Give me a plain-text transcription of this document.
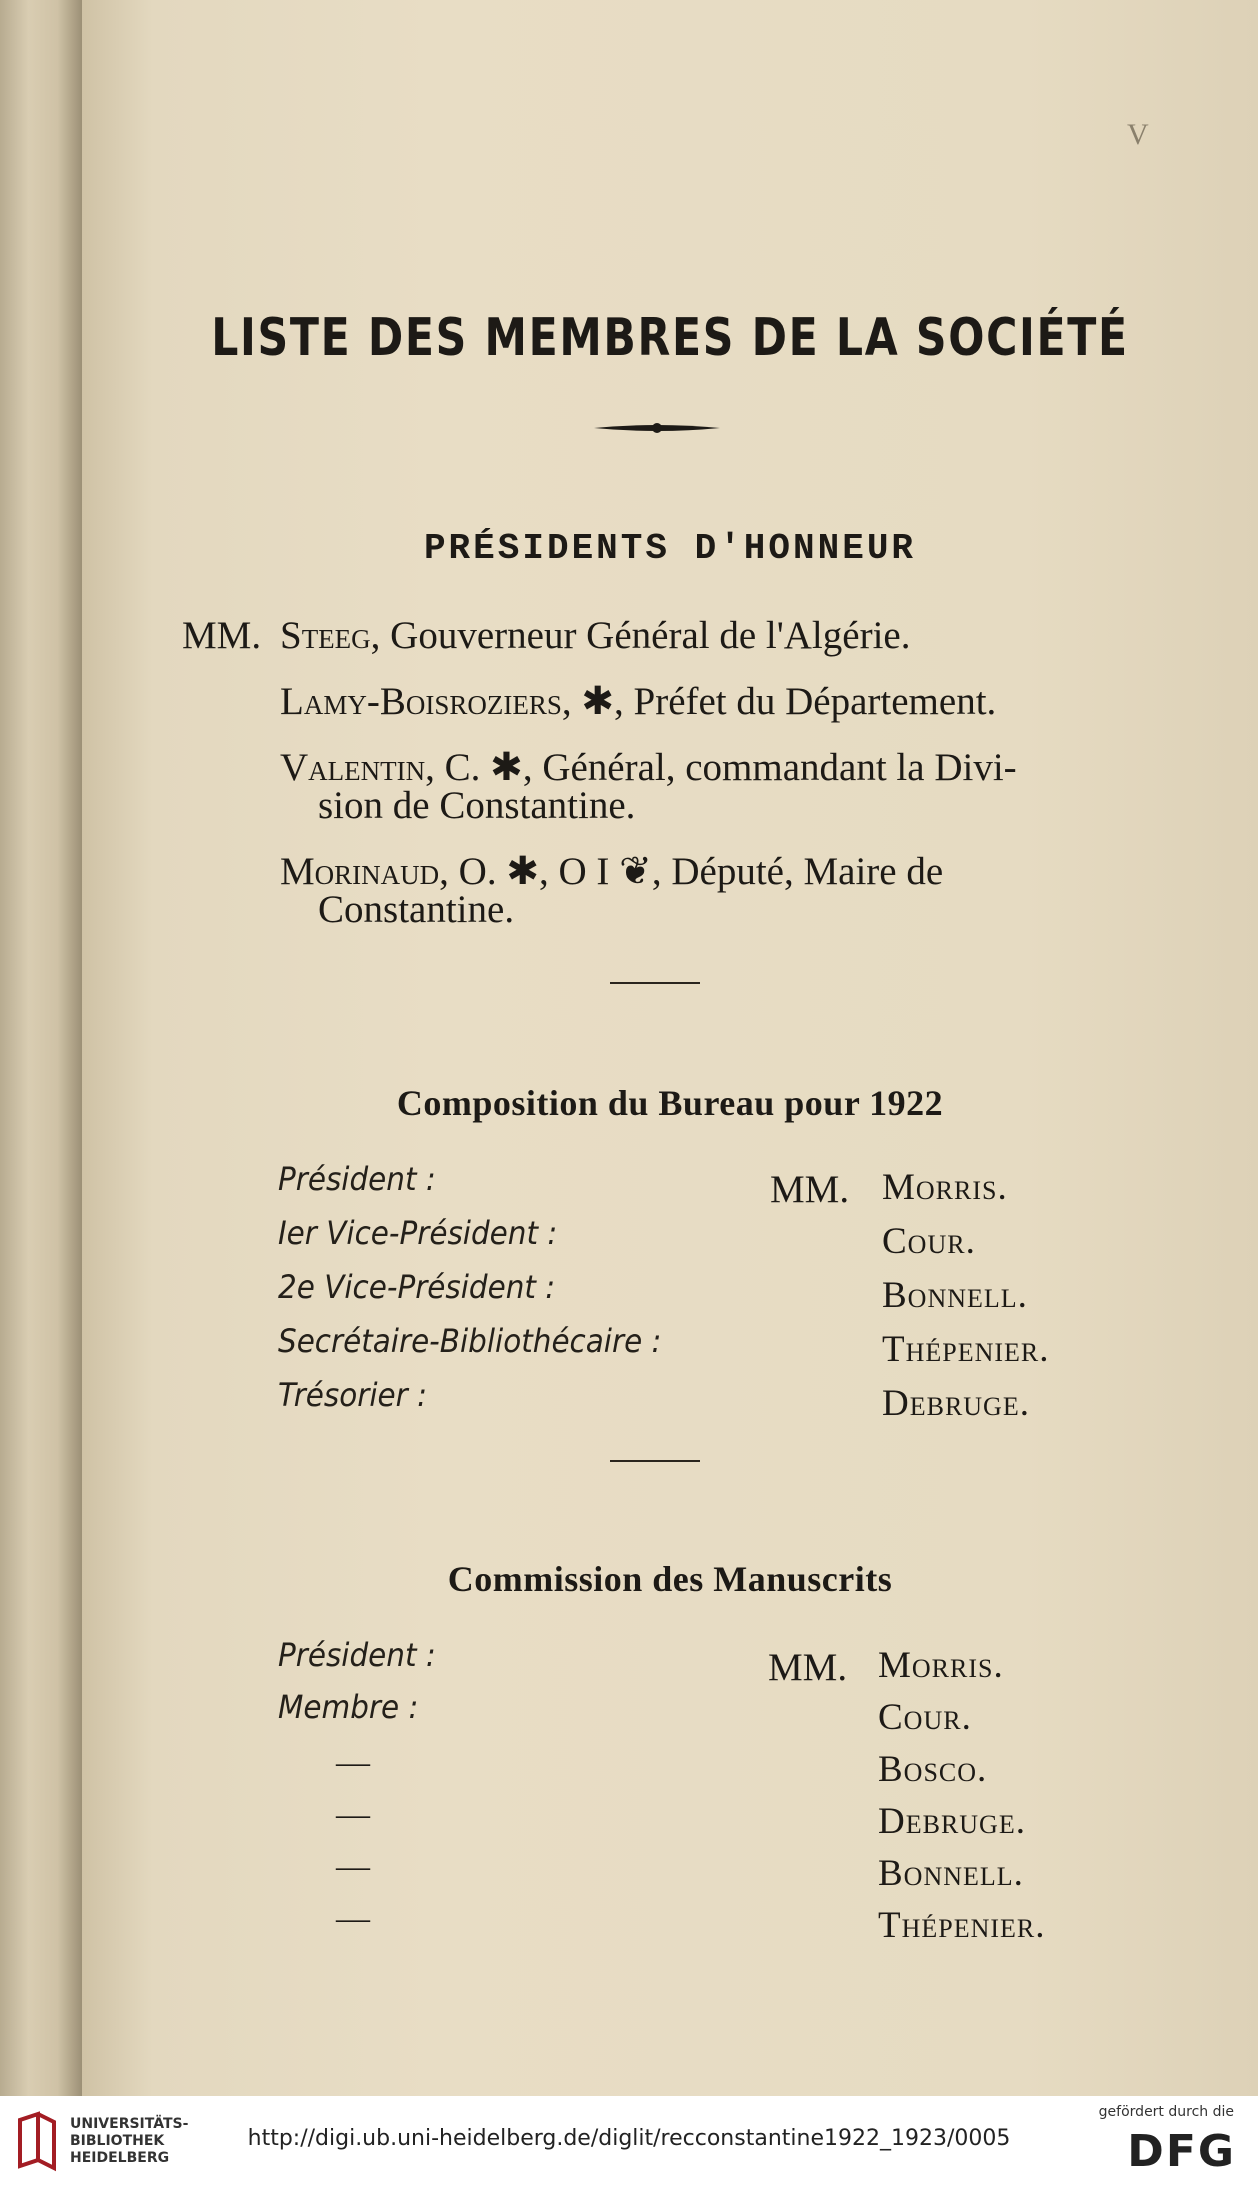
V
LISTE DES MEMBRES DE LA SOCIÉTÉ
PRÉSIDENTS D'HONNEUR
MM. Steeg, Gouverneur Général de l'Algérie.
Lamy-Boisroziers, ✱, Préfet du Département.
Valentin, C. ✱, Général, commandant la Divi-
sion de Constantine.
Morinaud, O. ✱, O I ❦, Député, Maire de
Constantine.
Composition du Bureau pour 1922
Président :
Ier Vice-Président :
2e Vice-Président :
Secrétaire-Bibliothécaire :
Trésorier :
MM. Morris.
Cour.
Bonnell.
Thépenier.
Debruge.
Commission des Manuscrits
Président :
Membre :
—
—
—
—
MM. Morris.
Cour.
Bosco.
Debruge.
Bonnell.
Thépenier.
UNIVERSITÄTS-
BIBLIOTHEK
HEIDELBERG
http://digi.ub.uni-heidelberg.de/diglit/recconstantine1922_1923/0005
gefördert durch die
DFG
